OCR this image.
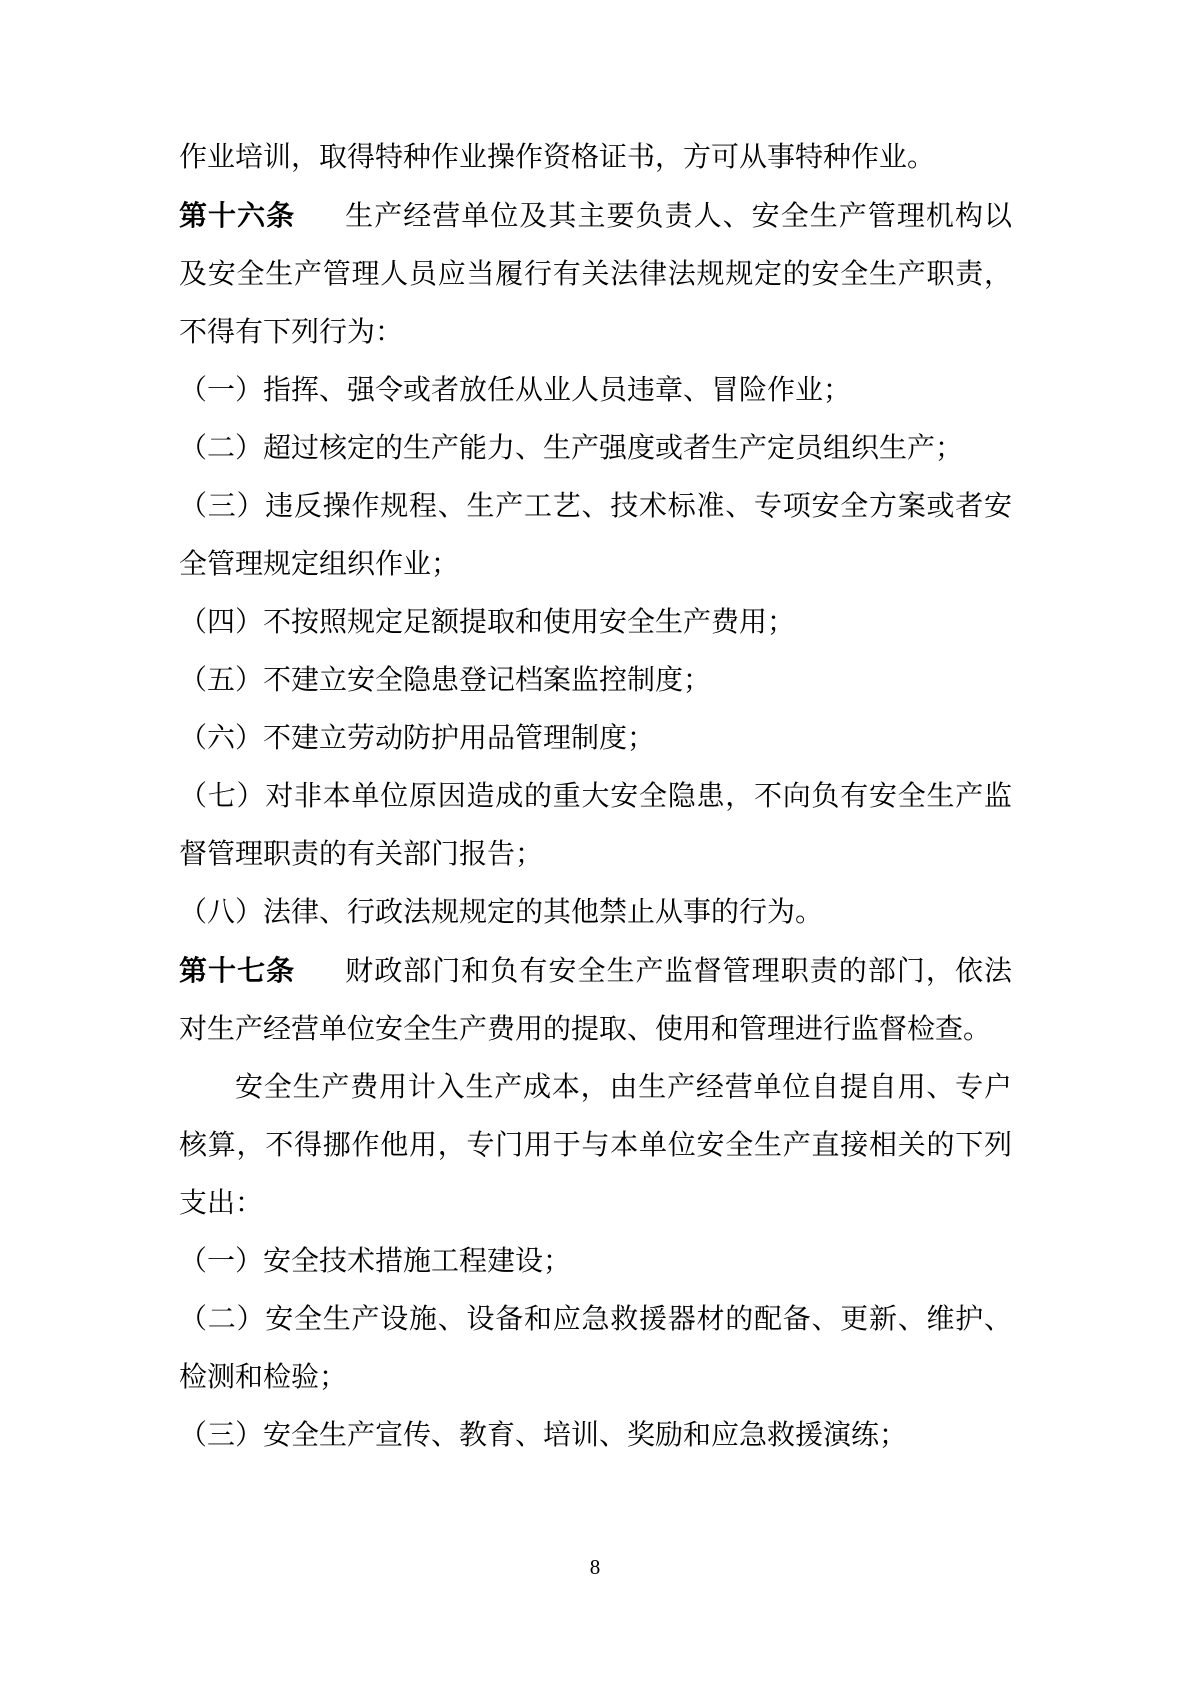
作业培训，取得特种作业操作资格证书，方可从事特种作业。

第十六条 生产经营单位及其主要负责人、安全生产管理机构以及安全生产管理人员应当履行有关法律法规规定的安全生产职责，不得有下列行为：

（一）指挥、强令或者放任从业人员违章、冒险作业；

（二）超过核定的生产能力、生产强度或者生产定员组织生产；

（三）违反操作规程、生产工艺、技术标准、专项安全方案或者安全管理规定组织作业；

（四）不按照规定足额提取和使用安全生产费用；

（五）不建立安全隐患登记档案监控制度；

（六）不建立劳动防护用品管理制度；

（七）对非本单位原因造成的重大安全隐患，不向负有安全生产监督管理职责的有关部门报告；

（八）法律、行政法规规定的其他禁止从事的行为。

第十七条 财政部门和负有安全生产监督管理职责的部门，依法对生产经营单位安全生产费用的提取、使用和管理进行监督检查。

安全生产费用计入生产成本，由生产经营单位自提自用、专户核算，不得挪作他用，专门用于与本单位安全生产直接相关的下列支出：

（一）安全技术措施工程建设；

（二）安全生产设施、设备和应急救援器材的配备、更新、维护、检测和检验；

（三）安全生产宣传、教育、培训、奖励和应急救援演练；

8
